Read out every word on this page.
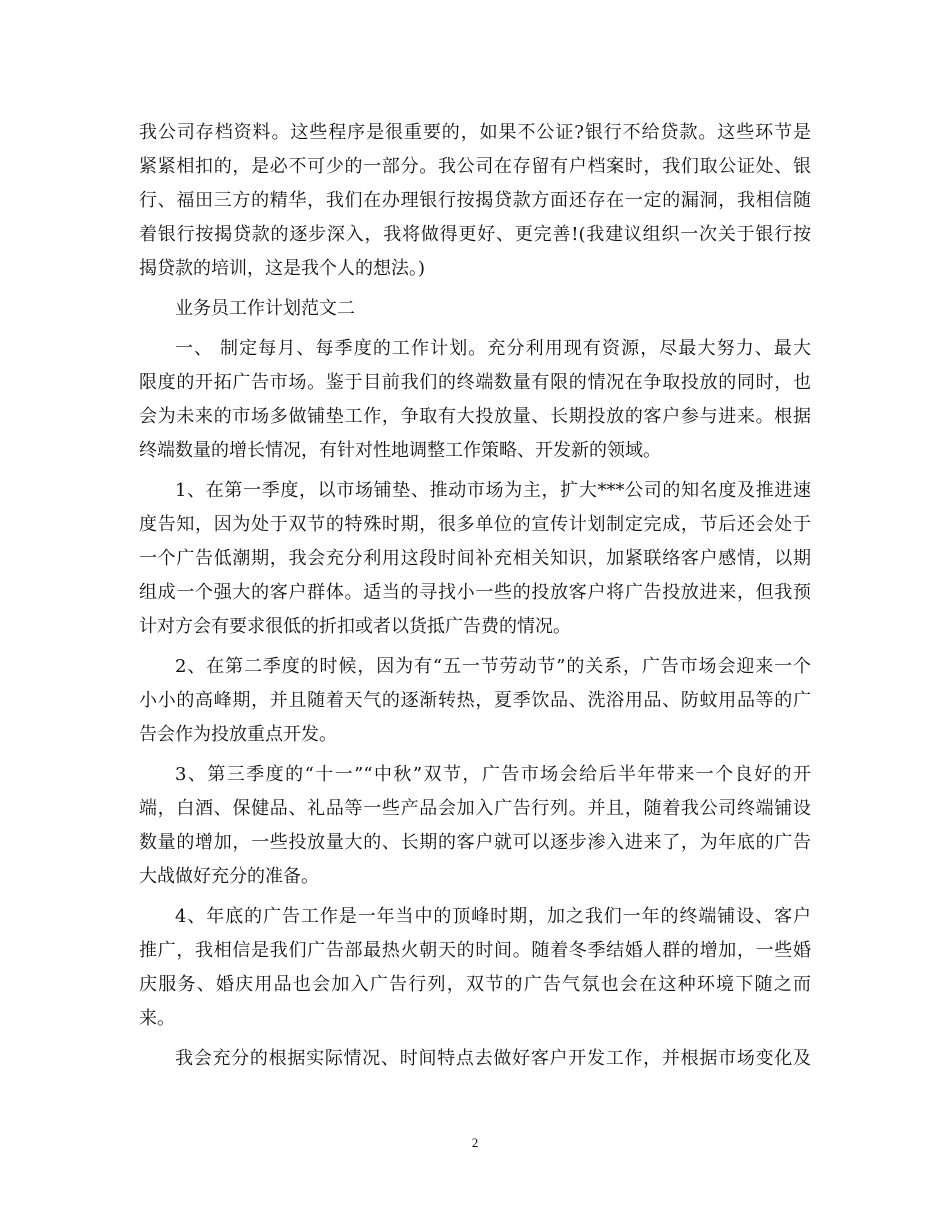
我公司存档资料。这些程序是很重要的，如果不公证?银行不给贷款。这些环节是
紧紧相扣的，是必不可少的一部分。我公司在存留有户档案时，我们取公证处、银
行、福田三方的精华，我们在办理银行按揭贷款方面还存在一定的漏洞，我相信随
着银行按揭贷款的逐步深入，我将做得更好、更完善!(我建议组织一次关于银行按
揭贷款的培训，这是我个人的想法。)
业务员工作计划范文二
一、 制定每月、每季度的工作计划。充分利用现有资源，尽最大努力、最大
限度的开拓广告市场。鉴于目前我们的终端数量有限的情况在争取投放的同时，也
会为未来的市场多做铺垫工作，争取有大投放量、长期投放的客户参与进来。根据
终端数量的增长情况，有针对性地调整工作策略、开发新的领域。
1、在第一季度，以市场铺垫、推动市场为主，扩大***公司的知名度及推进速
度告知，因为处于双节的特殊时期，很多单位的宣传计划制定完成，节后还会处于
一个广告低潮期，我会充分利用这段时间补充相关知识，加紧联络客户感情，以期
组成一个强大的客户群体。适当的寻找小一些的投放客户将广告投放进来，但我预
计对方会有要求很低的折扣或者以货抵广告费的情况。
2、在第二季度的时候，因为有“五一节劳动节”的关系，广告市场会迎来一个
小小的高峰期，并且随着天气的逐渐转热，夏季饮品、洗浴用品、防蚊用品等的广
告会作为投放重点开发。
3、第三季度的“十一”“中秋”双节，广告市场会给后半年带来一个良好的开
端，白酒、保健品、礼品等一些产品会加入广告行列。并且，随着我公司终端铺设
数量的增加，一些投放量大的、长期的客户就可以逐步渗入进来了，为年底的广告
大战做好充分的准备。
4、年底的广告工作是一年当中的顶峰时期，加之我们一年的终端铺设、客户
推广，我相信是我们广告部最热火朝天的时间。随着冬季结婚人群的增加，一些婚
庆服务、婚庆用品也会加入广告行列，双节的广告气氛也会在这种环境下随之而
来。
我会充分的根据实际情况、时间特点去做好客户开发工作，并根据市场变化及
2
